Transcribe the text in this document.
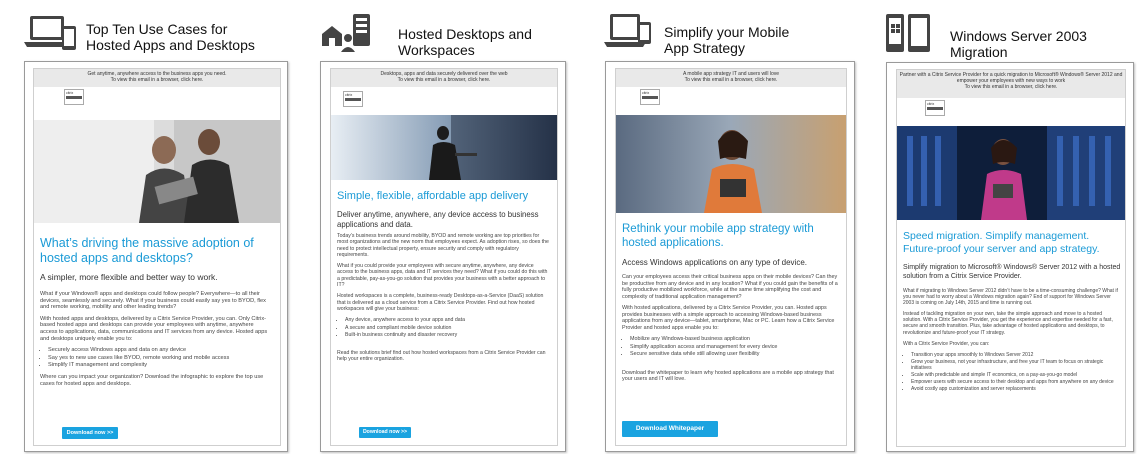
Top Ten Use Cases for
Hosted Apps and Desktops
Get anytime, anywhere access to the business apps you need.
To view this email in a browser, click here.
citrix
What’s driving the massive adoption of hosted apps and desktops?
A simpler, more flexible and better way to work.

What if your Windows® apps and desktops could follow people? Everywhere—to all their devices, seamlessly and securely. What if your business could easily say yes to BYOD, flex and remote working, mobility and other leading trends?

With hosted apps and desktops, delivered by a Citrix Service Provider, you can. Only Citrix-based hosted apps and desktops can provide your employees with anytime, anywhere access to applications, data, communications and IT services from any device. Hosted apps and desktops uniquely enable you to:

• Securely access Windows apps and data on any device
• Say yes to new use cases like BYOD, remote working and mobile access
• Simplify IT management and complexity

Where can you impact your organization? Download the infographic to explore the top use cases for hosted apps and desktops.

Download now >>
Hosted Desktops and
Workspaces
Desktops, apps and data securely delivered over the web
To view this email in a browser, click here.
citrix
Simple, flexible, affordable app delivery
Deliver anytime, anywhere, any device access to business applications and data.

Today’s business trends around mobility, BYOD and remote working are top priorities for most organizations and the new norm that employees expect. As adoption rises, so does the need to protect intellectual property, ensure security and comply with regulatory requirements.

What if you could provide your employees with secure anytime, anywhere, any device access to the business apps, data and IT services they need? What if you could do this with a predictable, pay-as-you-go solution that provides your business with a better approach to IT?

Hosted workspaces is a complete, business-ready Desktops-as-a-Service (DaaS) solution that is delivered as a cloud service from a Citrix Service Provider. Find out how hosted workspaces will give your business:

• Any device, anywhere access to your apps and data
• A secure and compliant mobile device solution
• Built-in business continuity and disaster recovery

Read the solutions brief find out how hosted workspaces from a Citrix Service Provider can help your entire organization.

Download now >>
Simplify your Mobile
App Strategy
A mobile app strategy IT and users will love
To view this email in a browser, click here.
citrix
Rethink your mobile app strategy with hosted applications.
Access Windows applications on any type of device.

Can your employees access their critical business apps on their mobile devices? Can they be productive from any device and in any location? What if you could gain the benefits of a fully productive mobilized workforce, while at the same time simplifying the cost and complexity of traditional application management?

With hosted applications, delivered by a Citrix Service Provider, you can. Hosted apps provides businesses with a simple approach to accessing Windows-based business applications from any device—tablet, smartphone, Mac or PC. Learn how a Citrix Service Provider and hosted apps enable you to:

• Mobilize any Windows-based business application
• Simplify application access and management for every device
• Secure sensitive data while still allowing user flexibility

Download the whitepaper to learn why hosted applications are a mobile app strategy that your users and IT will love.

Download Whitepaper
Windows Server 2003
Migration
Partner with a Citrix Service Provider for a quick migration to Microsoft® Windows® Server 2012 and empower your employees with new ways to work
To view this email in a browser, click here.
citrix
Speed migration. Simplify management. Future-proof your server and app strategy.
Simplify migration to Microsoft® Windows® Server 2012 with a hosted solution from a Citrix Service Provider.

What if migrating to Windows Server 2012 didn’t have to be a time-consuming challenge? What if you never had to worry about a Windows migration again? End of support for Windows Server 2003 is coming on July 14th, 2015 and time is running out.

Instead of tackling migration on your own, take the simple approach and move to a hosted solution. With a Citrix Service Provider, you get the experience and expertise needed for a fast, secure and smooth transition. Plus, take advantage of hosted applications and desktops, to revolutionize and future-proof your IT strategy.

With a Citrix Service Provider, you can:

• Transition your apps smoothly to Windows Server 2012
• Grow your business, not your infrastructure, and free your IT team to focus on strategic initiatives
• Scale with predictable and simple IT economics, on a pay-as-you-go model
• Empower users with secure access to their desktop and apps from anywhere on any device
• Avoid costly app customization and server replacements
